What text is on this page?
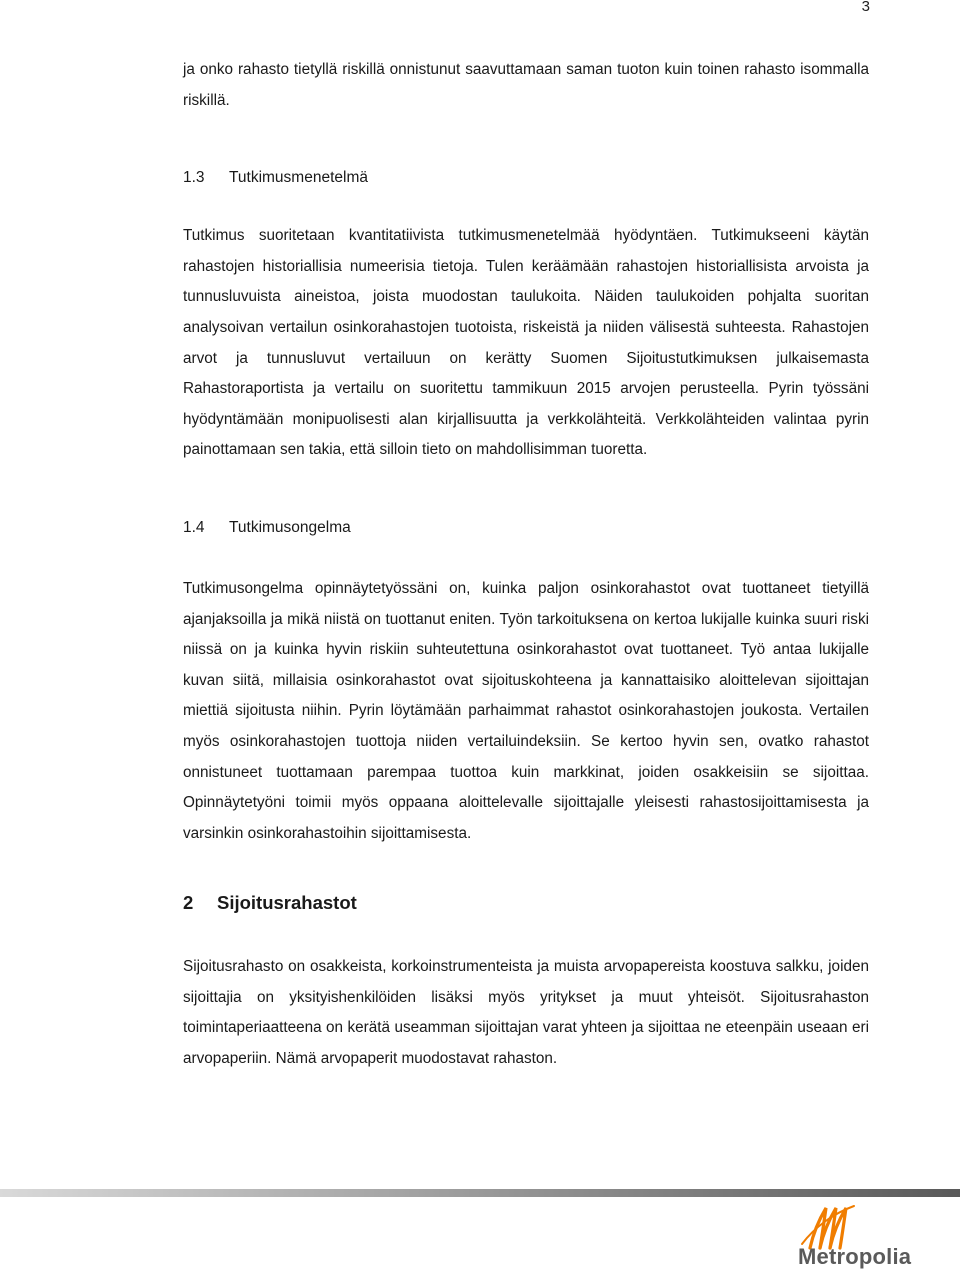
3

ja onko rahasto tietyllä riskillä onnistunut saavuttamaan saman tuoton kuin toinen rahasto isommalla riskillä.

1.3 Tutkimusmenetelmä

Tutkimus suoritetaan kvantitatiivista tutkimusmenetelmää hyödyntäen. Tutkimukseeni käytän rahastojen historiallisia numeerisia tietoja. Tulen keräämään rahastojen historiallisista arvoista ja tunnusluvuista aineistoa, joista muodostan taulukoita. Näiden taulukoiden pohjalta suoritan analysoivan vertailun osinkorahastojen tuotoista, riskeistä ja niiden välisestä suhteesta. Rahastojen arvot ja tunnusluvut vertailuun on kerätty Suomen Sijoitustutkimuksen julkaisemasta Rahastoraportista ja vertailu on suoritettu tammikuun 2015 arvojen perusteella. Pyrin työssäni hyödyntämään monipuolisesti alan kirjallisuutta ja verkkolähteitä. Verkkolähteiden valintaa pyrin painottamaan sen takia, että silloin tieto on mahdollisimman tuoretta.

1.4 Tutkimusongelma

Tutkimusongelma opinnäytetyössäni on, kuinka paljon osinkorahastot ovat tuottaneet tietyillä ajanjaksoilla ja mikä niistä on tuottanut eniten. Työn tarkoituksena on kertoa lukijalle kuinka suuri riski niissä on ja kuinka hyvin riskiin suhteutettuna osinkorahastot ovat tuottaneet. Työ antaa lukijalle kuvan siitä, millaisia osinkorahastot ovat sijoituskohteena ja kannattaisiko aloittelevan sijoittajan miettiä sijoitusta niihin. Pyrin löytämään parhaimmat rahastot osinkorahastojen joukosta. Vertailen myös osinkorahastojen tuottoja niiden vertailuindeksiin. Se kertoo hyvin sen, ovatko rahastot onnistuneet tuottamaan parempaa tuottoa kuin markkinat, joiden osakkeisiin se sijoittaa. Opinnäytetyöni toimii myös oppaana aloittelevalle sijoittajalle yleisesti rahastosijoittamisesta ja varsinkin osinkorahastoihin sijoittamisesta.

2 Sijoitusrahastot

Sijoitusrahasto on osakkeista, korkoinstrumenteista ja muista arvopapereista koostuva salkku, joiden sijoittajia on yksityishenkilöiden lisäksi myös yritykset ja muut yhteisöt. Sijoitusrahaston toimintaperiaatteena on kerätä useamman sijoittajan varat yhteen ja sijoittaa ne eteenpäin useaan eri arvopaperiin. Nämä arvopaperit muodostavat rahaston.

Metropolia
